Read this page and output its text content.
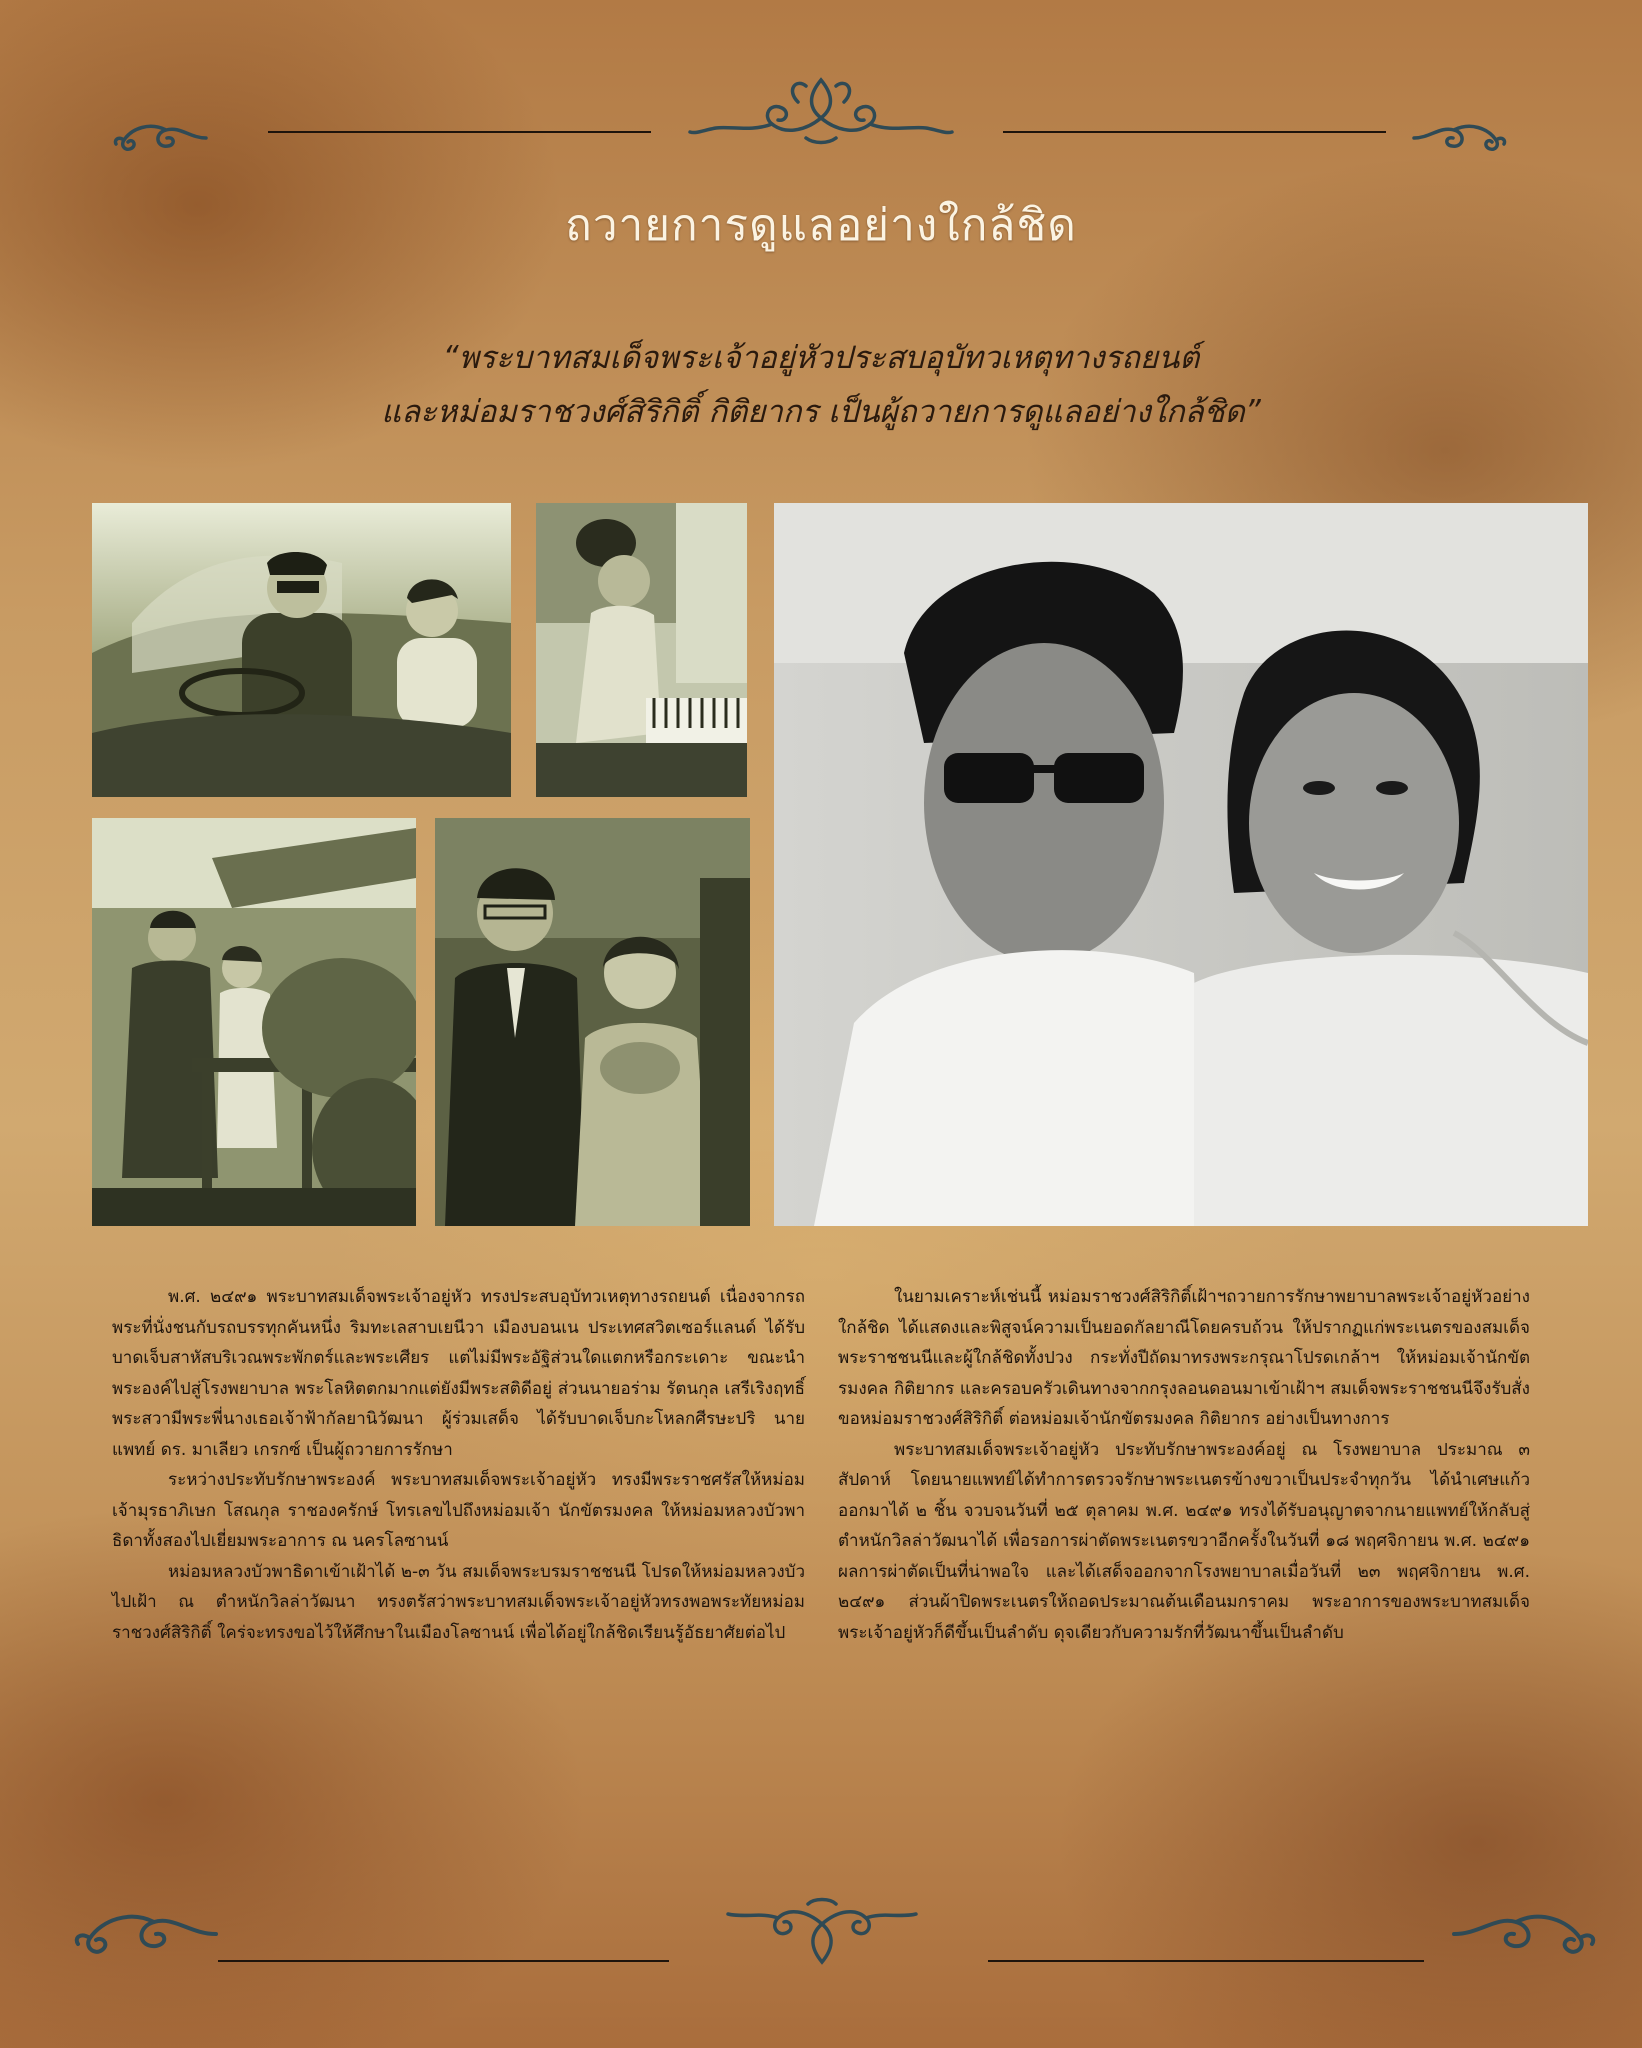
ถวายการดูแลอย่างใกล้ชิด
“พระบาทสมเด็จพระเจ้าอยู่หัวประสบอุบัทวเหตุทางรถยนต์
และหม่อมราชวงศ์สิริกิติ์ กิติยากร เป็นผู้ถวายการดูแลอย่างใกล้ชิด”

พ.ศ. ๒๔๙๑ พระบาทสมเด็จพระเจ้าอยู่หัว ทรงประสบอุบัทวเหตุทางรถยนต์ เนื่องจากรถพระที่นั่งชนกับรถบรรทุกคันหนึ่ง ริมทะเลสาบเยนีวา เมืองบอนเน ประเทศสวิตเซอร์แลนด์ ได้รับบาดเจ็บสาหัสบริเวณพระพักตร์และพระเศียร แต่ไม่มีพระอัฐิส่วนใดแตกหรือกระเดาะ ขณะนำพระองค์ไปสู่โรงพยาบาล พระโลหิตตกมากแต่ยังมีพระสติดีอยู่ ส่วนนายอร่าม รัตนกุล เสรีเริงฤทธิ์ พระสวามีพระพี่นางเธอเจ้าฟ้ากัลยานิวัฒนา ผู้ร่วมเสด็จ ได้รับบาดเจ็บกะโหลกศีรษะปริ นายแพทย์ ดร. มาเลียว เกรกซ์ เป็นผู้ถวายการรักษา

ระหว่างประทับรักษาพระองค์ พระบาทสมเด็จพระเจ้าอยู่หัว ทรงมีพระราชศรัสให้หม่อมเจ้ามุรธาภิเษก โสณกุล ราชองครักษ์ โทรเลขไปถึงหม่อมเจ้า นักขัตรมงคล ให้หม่อมหลวงบัวพาธิดาทั้งสองไปเยี่ยมพระอาการ ณ นครโลซานน์

หม่อมหลวงบัวพาธิดาเข้าเฝ้าได้ ๒-๓ วัน สมเด็จพระบรมราชชนนี โปรดให้หม่อมหลวงบัวไปเฝ้า ณ ตำหนักวิลล่าวัฒนา ทรงตรัสว่าพระบาทสมเด็จพระเจ้าอยู่หัวทรงพอพระทัยหม่อมราชวงศ์สิริกิติ์ ใคร่จะทรงขอไว้ให้ศึกษาในเมืองโลซานน์ เพื่อได้อยู่ใกล้ชิดเรียนรู้อัธยาศัยต่อไป

ในยามเคราะห์เช่นนี้ หม่อมราชวงศ์สิริกิติ์เฝ้าฯถวายการรักษาพยาบาลพระเจ้าอยู่หัวอย่างใกล้ชิด ได้แสดงและพิสูจน์ความเป็นยอดกัลยาณีโดยครบถ้วน ให้ปรากฏแก่พระเนตรของสมเด็จพระราชชนนีและผู้ใกล้ชิดทั้งปวง กระทั่งปีถัดมาทรงพระกรุณาโปรดเกล้าฯ ให้หม่อมเจ้านักขัตรมงคล กิติยากร และครอบครัวเดินทางจากกรุงลอนดอนมาเข้าเฝ้าฯ สมเด็จพระราชชนนีจึงรับสั่งขอหม่อมราชวงศ์สิริกิติ์ ต่อหม่อมเจ้านักขัตรมงคล กิติยากร อย่างเป็นทางการ

พระบาทสมเด็จพระเจ้าอยู่หัว ประทับรักษาพระองค์อยู่ ณ โรงพยาบาล ประมาณ ๓ สัปดาห์ โดยนายแพทย์ได้ทำการตรวจรักษาพระเนตรข้างขวาเป็นประจำทุกวัน ได้นำเศษแก้วออกมาได้ ๒ ชิ้น จวบจนวันที่ ๒๕ ตุลาคม พ.ศ. ๒๔๙๑ ทรงได้รับอนุญาตจากนายแพทย์ให้กลับสู่ตำหนักวิลล่าวัฒนาได้ เพื่อรอการผ่าตัดพระเนตรขวาอีกครั้งในวันที่ ๑๘ พฤศจิกายน พ.ศ. ๒๔๙๑ ผลการผ่าตัดเป็นที่น่าพอใจ และได้เสด็จออกจากโรงพยาบาลเมื่อวันที่ ๒๓ พฤศจิกายน พ.ศ. ๒๔๙๑ ส่วนผ้าปิดพระเนตรให้ถอดประมาณต้นเดือนมกราคม พระอาการของพระบาทสมเด็จพระเจ้าอยู่หัวก็ดีขึ้นเป็นลำดับ ดุจเดียวกับความรักที่วัฒนาขึ้นเป็นลำดับ
